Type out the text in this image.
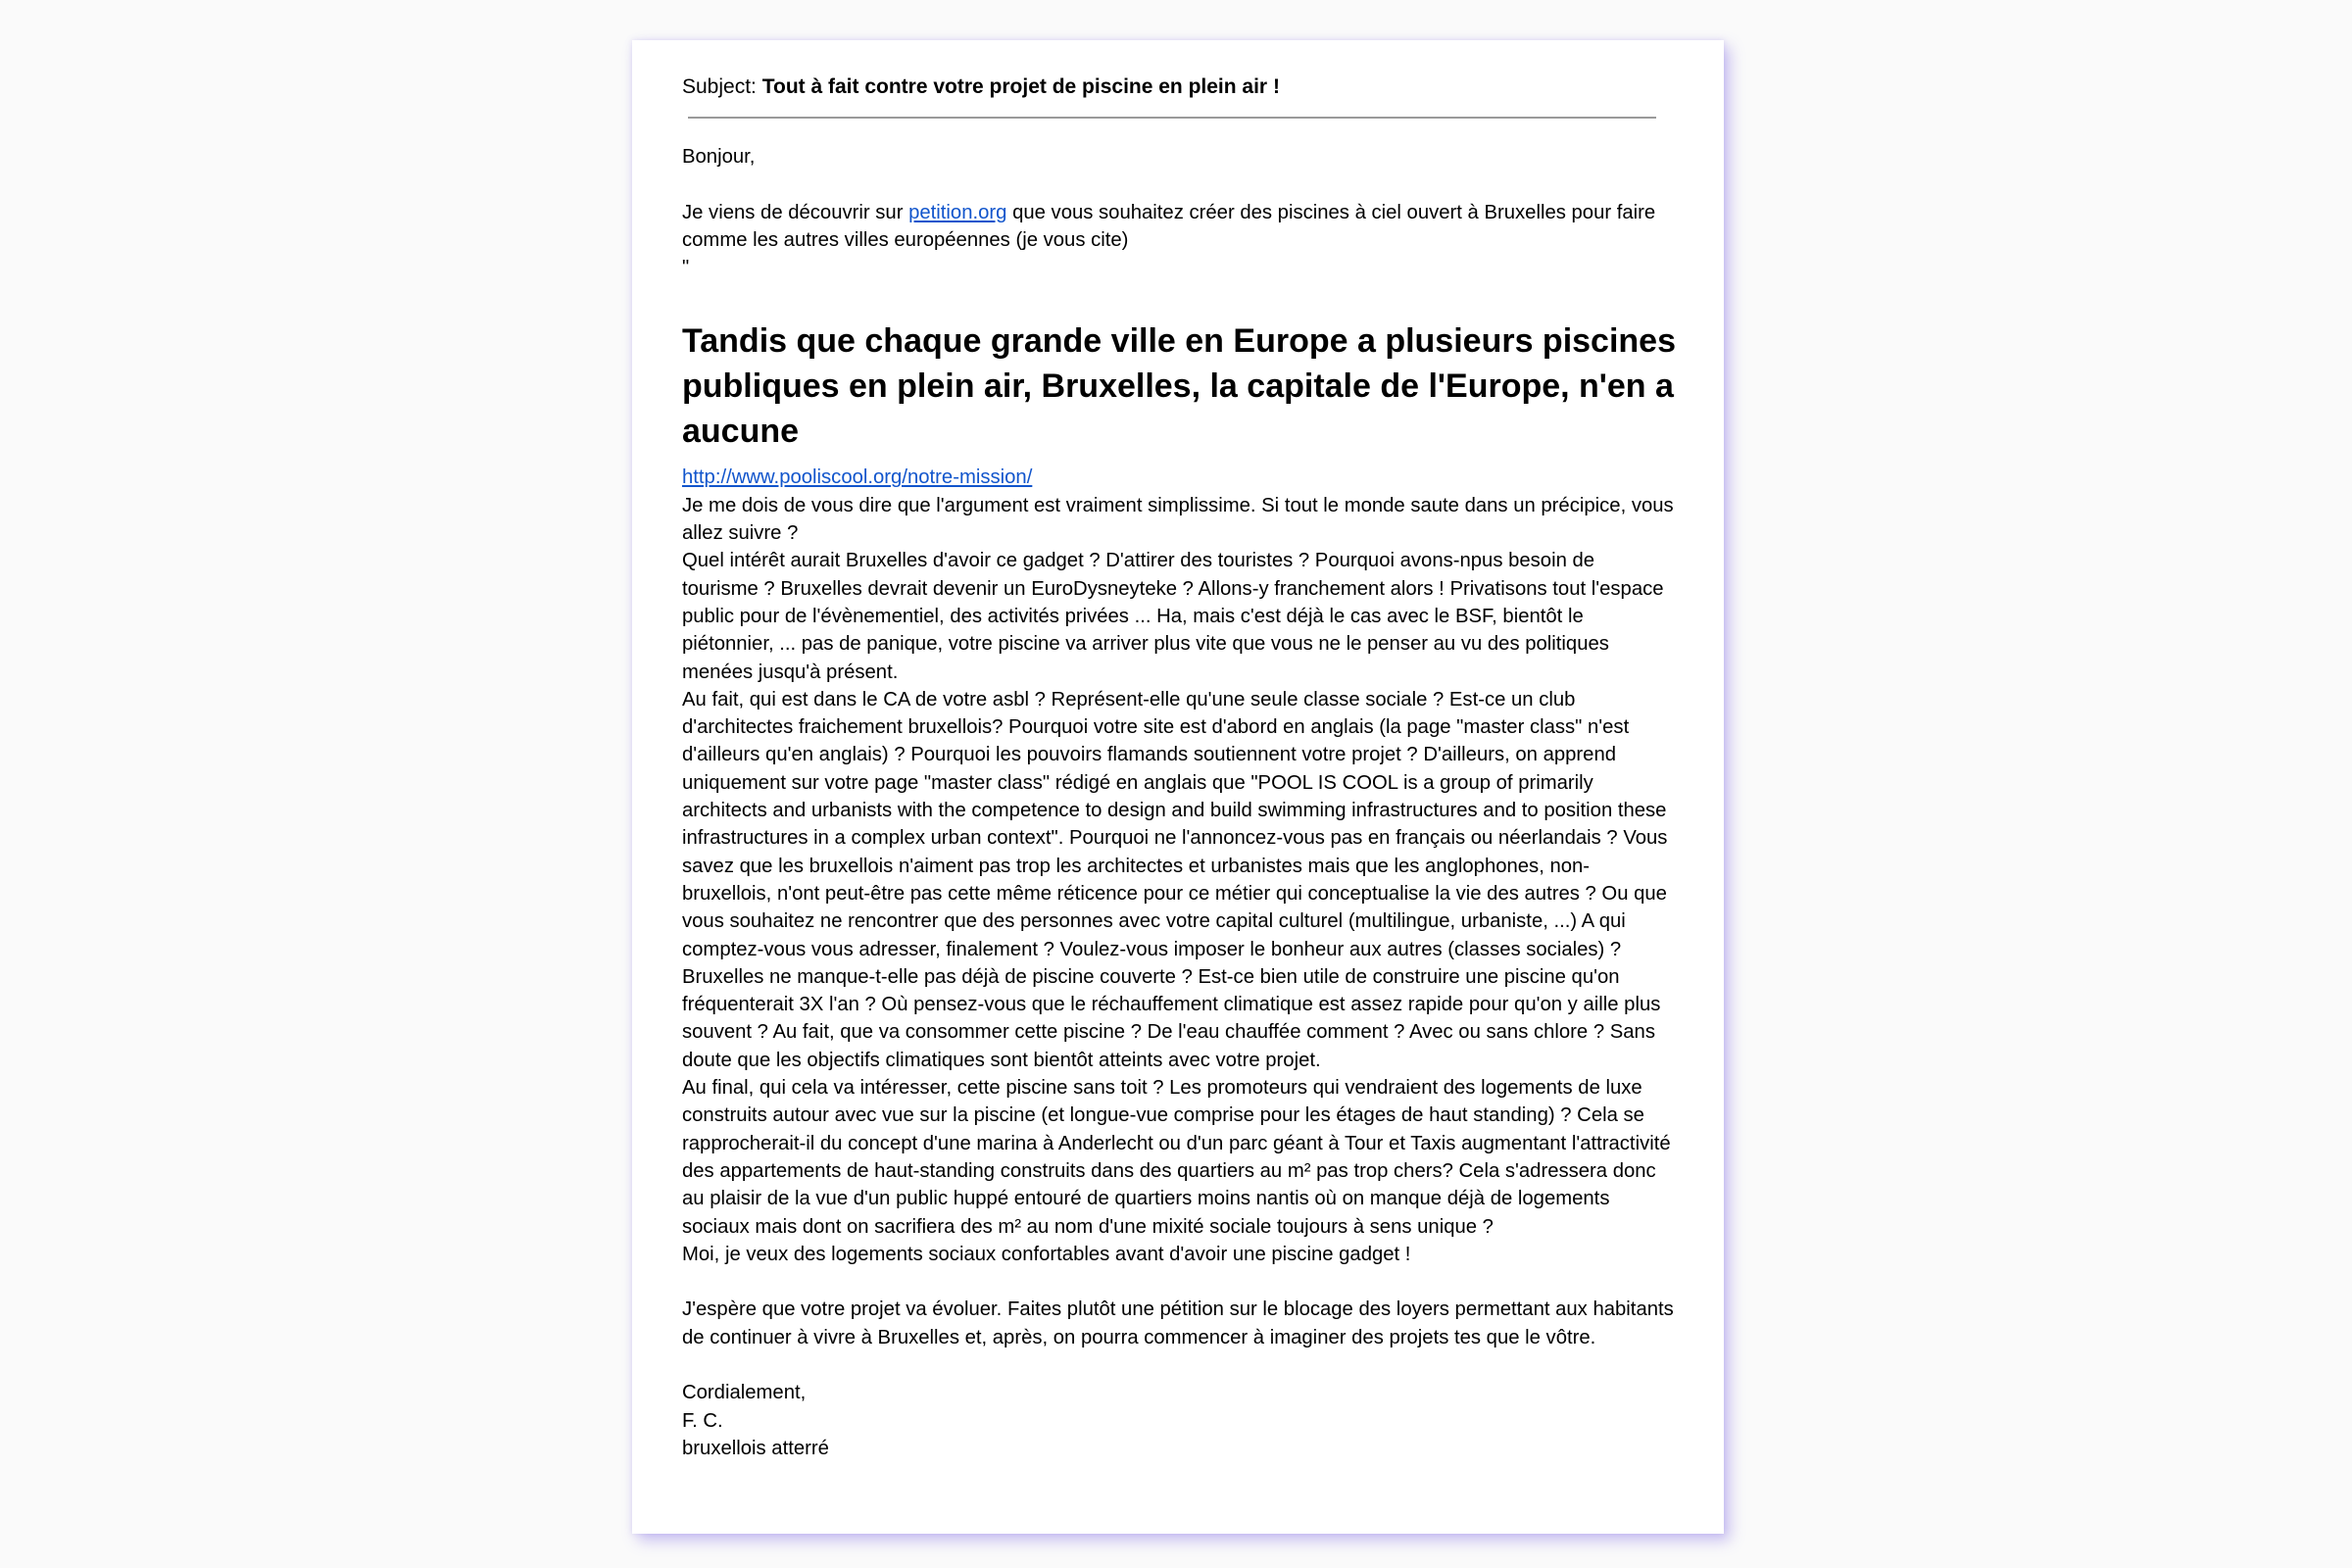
Subject: Tout à fait contre votre projet de piscine en plein air !

Bonjour,

Je viens de découvrir sur petition.org que vous souhaitez créer des piscines à ciel ouvert à Bruxelles pour faire comme les autres villes européennes (je vous cite)

"

Tandis que chaque grande ville en Europe a plusieurs piscines publiques en plein air, Bruxelles, la capitale de l'Europe, n'en a aucune

http://www.pooliscool.org/notre-mission/

Je me dois de vous dire que l'argument est vraiment simplissime. Si tout le monde saute dans un précipice, vous allez suivre ?

Quel intérêt aurait Bruxelles d'avoir ce gadget ? D'attirer des touristes ? Pourquoi avons-npus besoin de tourisme ? Bruxelles devrait devenir un EuroDysneyteke ? Allons-y franchement alors ! Privatisons tout l'espace public pour de l'évènementiel, des activités privées ... Ha, mais c'est déjà le cas avec le BSF, bientôt le piétonnier, ... pas de panique, votre piscine va arriver plus vite que vous ne le penser au vu des politiques menées jusqu'à présent.

Au fait, qui est dans le CA de votre asbl ? Représent-elle qu'une seule classe sociale ? Est-ce un club d'architectes fraichement bruxellois? Pourquoi votre site est d'abord en anglais (la page "master class" n'est d'ailleurs qu'en anglais) ? Pourquoi les pouvoirs flamands soutiennent votre projet ? D'ailleurs, on apprend uniquement sur votre page "master class" rédigé en anglais que "POOL IS COOL is a group of primarily architects and urbanists with the competence to design and build swimming infrastructures and to position these infrastructures in a complex urban context". Pourquoi ne l'annoncez-vous pas en français ou néerlandais ? Vous savez que les bruxellois n'aiment pas trop les architectes et urbanistes mais que les anglophones, non-bruxellois, n'ont peut-être pas cette même réticence pour ce métier qui conceptualise la vie des autres ? Ou que vous souhaitez ne rencontrer que des personnes avec votre capital culturel (multilingue, urbaniste, ...) A qui comptez-vous vous adresser, finalement ? Voulez-vous imposer le bonheur aux autres (classes sociales) ? Bruxelles ne manque-t-elle pas déjà de piscine couverte ? Est-ce bien utile de construire une piscine qu'on fréquenterait 3X l'an ? Où pensez-vous que le réchauffement climatique est assez rapide pour qu'on y aille plus souvent ? Au fait, que va consommer cette piscine ? De l'eau chauffée comment ? Avec ou sans chlore ? Sans doute que les objectifs climatiques sont bientôt atteints avec votre projet.

Au final, qui cela va intéresser, cette piscine sans toit ? Les promoteurs qui vendraient des logements de luxe construits autour avec vue sur la piscine (et longue-vue comprise pour les étages de haut standing) ? Cela se rapprocherait-il du concept d'une marina à Anderlecht ou d'un parc géant à Tour et Taxis augmentant l'attractivité des appartements de haut-standing construits dans des quartiers au m² pas trop chers? Cela s'adressera donc au plaisir de la vue d'un public huppé entouré de quartiers moins nantis où on manque déjà de logements sociaux mais dont on sacrifiera des m² au nom d'une mixité sociale toujours à sens unique ?

Moi, je veux des logements sociaux confortables avant d'avoir une piscine gadget !

J'espère que votre projet va évoluer. Faites plutôt une pétition sur le blocage des loyers permettant aux habitants de continuer à vivre à Bruxelles et, après, on pourra commencer à imaginer des projets tes que le vôtre.

Cordialement,

F. C.

bruxellois atterré
